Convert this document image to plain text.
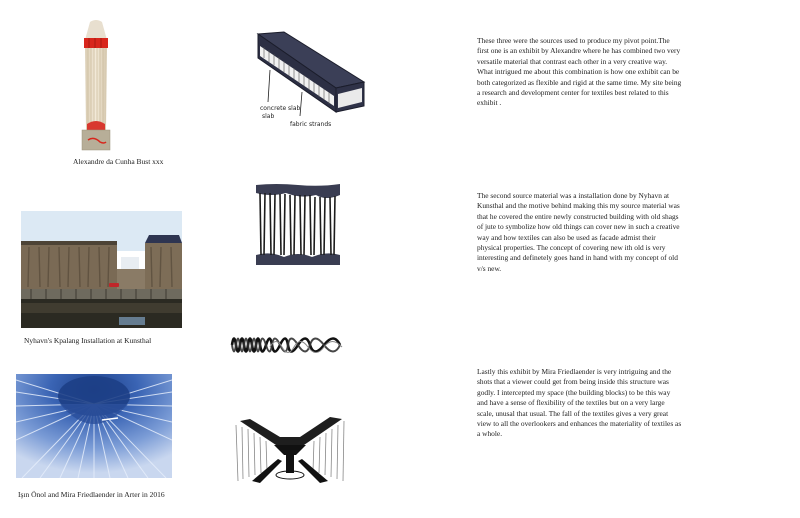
Alexandre da Cunha Bust xxx
concrete slab
slab
fabric strands
These three were the sources used to produce my pivot point.The first one is an exhibit by Alexandre where he has combined two very versatile material that contrast each other in a very creative way. What intrigued me about this combination is how one exhibit can be both categorized as flexible and rigid at the same time. My site being a research and development center for textiles best related to this exhibit .
Nyhavn's Kpalang Installation at Kunsthal
The second source material was a installation done by Nyhavn at Kunsthal and the motive behind making this my source material was that he covered the entire newly constructed building with old shags of jute to symbolize how old things can cover new in such a creative way and how textiles can also be used as facade admist their physical properties. The concept of covering new ith old is very interesting and definetely goes hand in hand with my concept of old v/s new.
Işın Önol and Mira Friedlaender in Arter in 2016
Lastly this exhibit by Mira Friedlaender is very intriguing and the shots that a viewer could get from being inside this structure was godly. I intercepted my space (the building blocks) to be this way and have a sense of flexibility of the textiles but on a very large scale, unusal that usual. The fall of the textiles gives a very great view to all the overlookers and enhances the materiality of textiles as a whole.
